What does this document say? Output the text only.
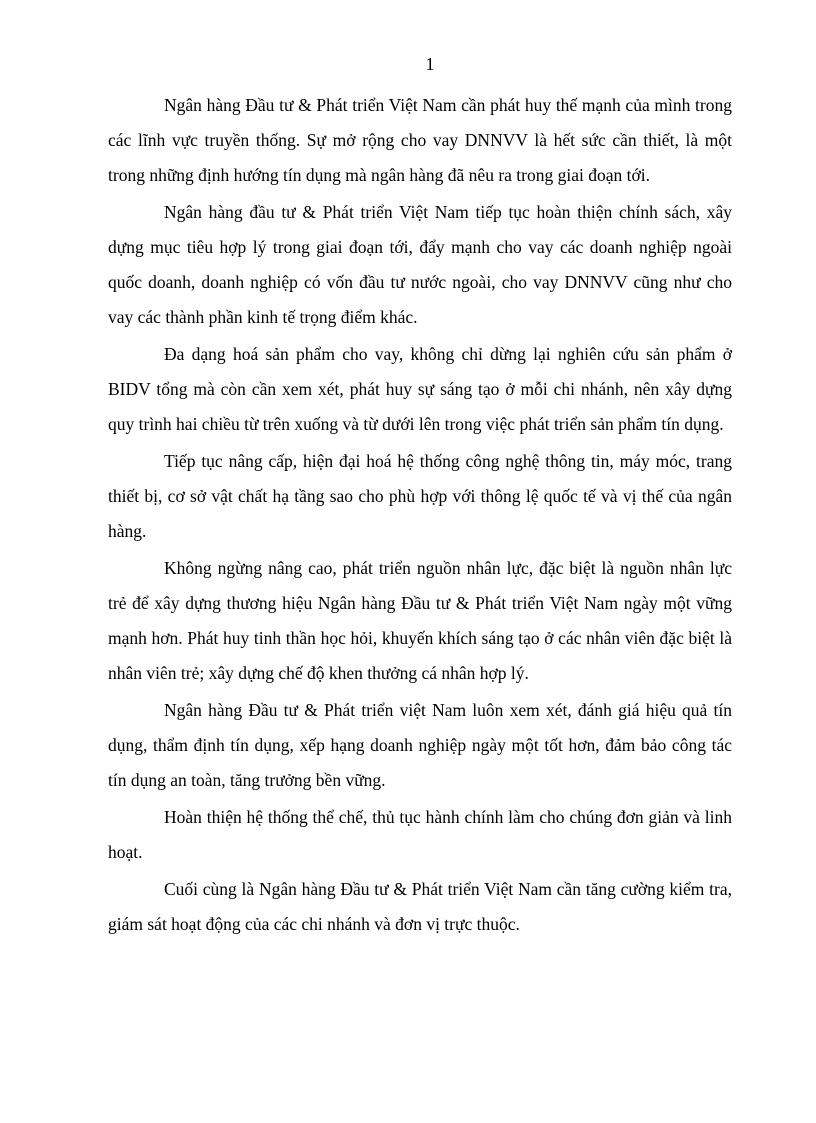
1

Ngân hàng Đầu tư & Phát triển Việt Nam cần phát huy thế mạnh của mình trong các lĩnh vực truyền thống. Sự mở rộng cho vay DNNVV là hết sức cần thiết, là một trong những định hướng tín dụng mà ngân hàng đã nêu ra trong giai đoạn tới.

Ngân hàng đầu tư & Phát triển Việt Nam tiếp tục hoàn thiện chính sách, xây dựng mục tiêu hợp lý trong giai đoạn tới, đẩy mạnh cho vay các doanh nghiệp ngoài quốc doanh, doanh nghiệp có vốn đầu tư nước ngoài, cho vay DNNVV cũng như cho vay các thành phần kinh tế trọng điểm khác.

Đa dạng hoá sản phẩm cho vay, không chỉ dừng lại nghiên cứu sản phẩm ở BIDV tổng mà còn cần xem xét, phát huy sự sáng tạo ở mỗi chi nhánh, nên xây dựng quy trình hai chiều từ trên xuống và từ dưới lên trong việc phát triển sản phẩm tín dụng.

Tiếp tục nâng cấp, hiện đại hoá hệ thống công nghệ thông tin, máy móc, trang thiết bị, cơ sở vật chất hạ tầng sao cho phù hợp với thông lệ quốc tế và vị thế của ngân hàng.

Không ngừng nâng cao, phát triển nguồn nhân lực, đặc biệt là nguồn nhân lực trẻ để xây dựng thương hiệu Ngân hàng Đầu tư & Phát triển Việt Nam ngày một vững mạnh hơn. Phát huy tinh thần học hỏi, khuyến khích sáng tạo ở các nhân viên đặc biệt là nhân viên trẻ; xây dựng chế độ khen thưởng cá nhân hợp lý.

Ngân hàng Đầu tư & Phát triển việt Nam luôn xem xét, đánh giá hiệu quả tín dụng, thẩm định tín dụng, xếp hạng doanh nghiệp ngày một tốt hơn, đảm bảo công tác tín dụng an toàn, tăng trưởng bền vững.

Hoàn thiện hệ thống thể chế, thủ tục hành chính làm cho chúng đơn giản và linh hoạt.

Cuối cùng là Ngân hàng Đầu tư & Phát triển Việt Nam cần tăng cường kiểm tra, giám sát hoạt động của các chi nhánh và đơn vị trực thuộc.
